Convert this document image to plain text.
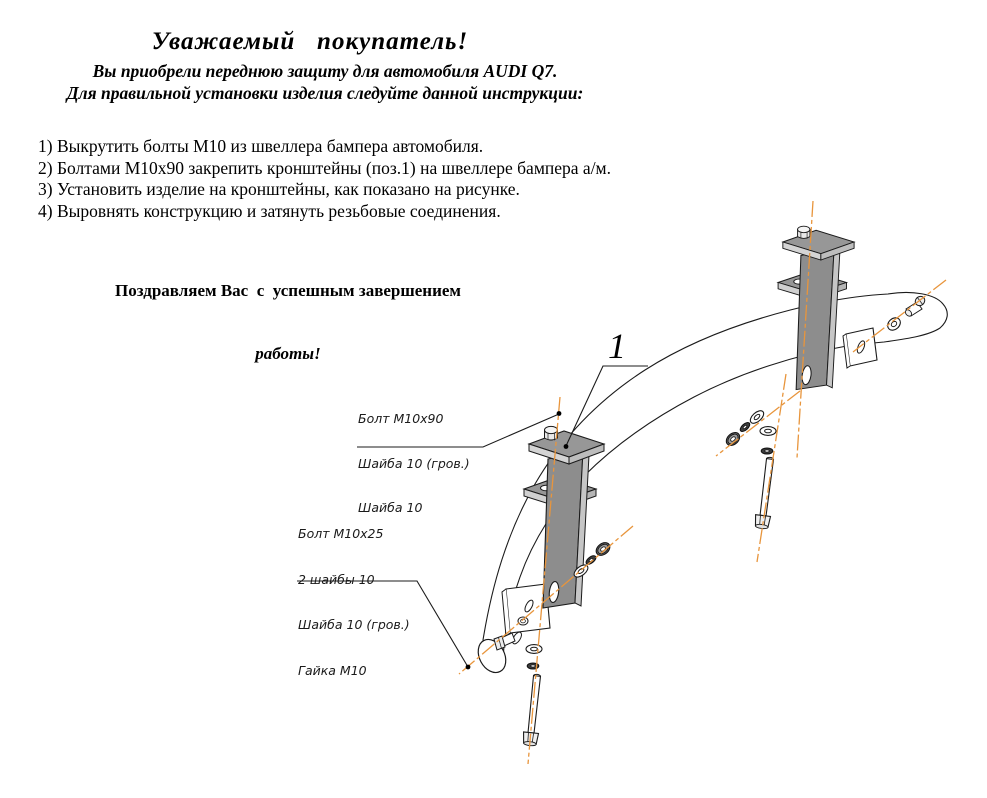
Уважаемый   покупатель!
Вы приобрели переднюю защиту для автомобиля AUDI Q7.
Для правильной установки изделия следуйте данной инструкции:
1) Выкрутить болты М10 из швеллера бампера автомобиля.
2) Болтами М10х90 закрепить кронштейны (поз.1) на швеллере бампера а/м.
3) Установить изделие на кронштейны, как показано на рисунке.
4) Выровнять конструкцию и затянуть резьбовые соединения.

Поздравляем Вас  с  успешным завершением

работы!

Болт М10х90

Шайба 10 (гров.)

Шайба 10

Болт М10х25

2 шайбы 10

Шайба 10 (гров.)

Гайка М10

1
